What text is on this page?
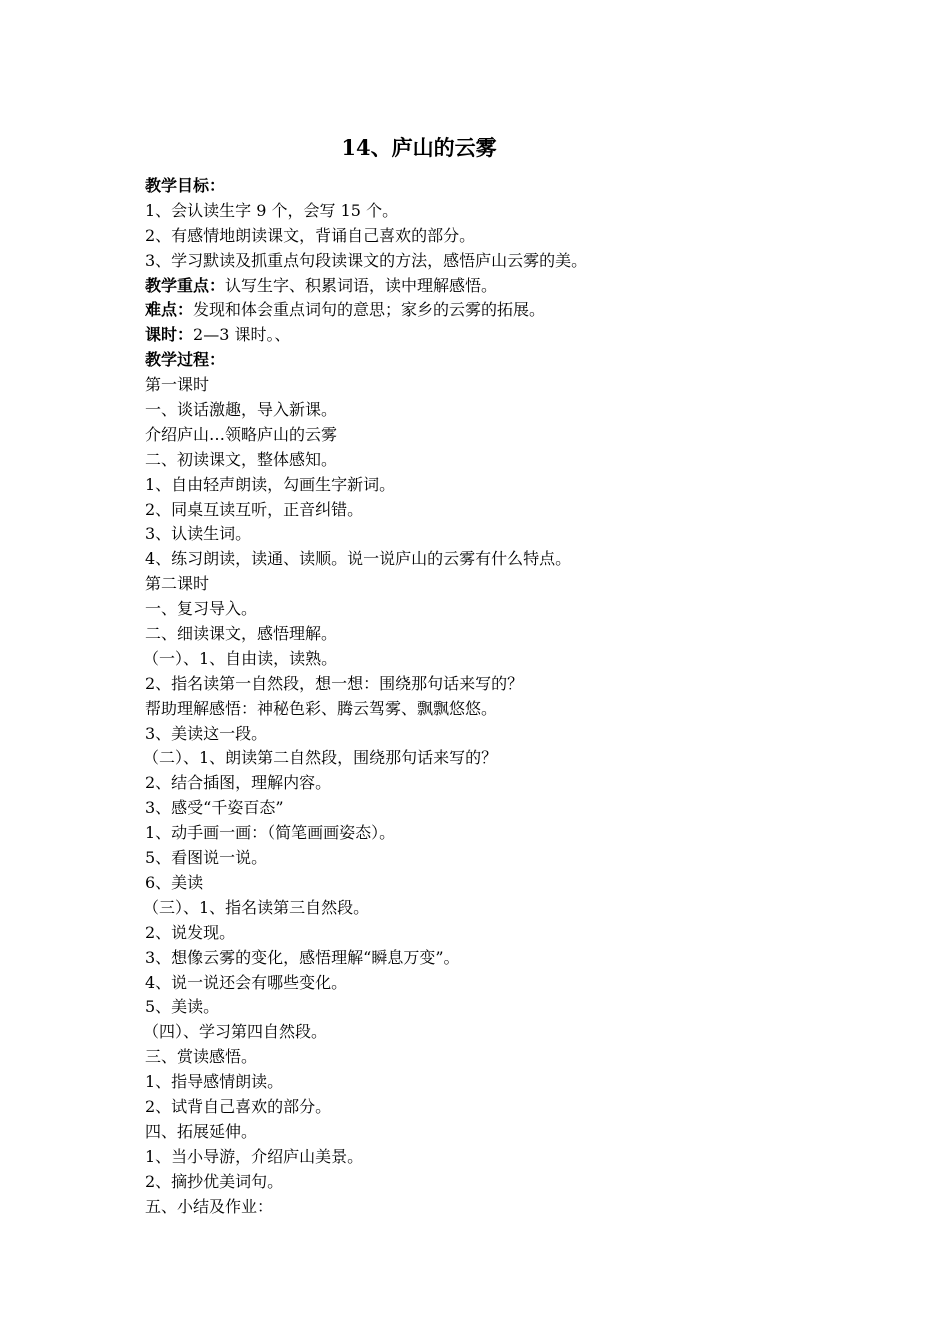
14、庐山的云雾
教学目标：
1、会认读生字 9 个，会写 15 个。
2、有感情地朗读课文，背诵自己喜欢的部分。
3、学习默读及抓重点句段读课文的方法，感悟庐山云雾的美。
教学重点：认写生字、积累词语，读中理解感悟。
难点：发现和体会重点词句的意思；家乡的云雾的拓展。
课时：2—3 课时。、
教学过程：
第一课时
一、谈话激趣，导入新课。
介绍庐山…领略庐山的云雾
二、初读课文，整体感知。
1、自由轻声朗读，勾画生字新词。
2、同桌互读互听，正音纠错。
3、认读生词。
4、练习朗读，读通、读顺。说一说庐山的云雾有什么特点。
第二课时
一、复习导入。
二、细读课文，感悟理解。
（一）、1、自由读，读熟。
2、指名读第一自然段，想一想：围绕那句话来写的？
帮助理解感悟：神秘色彩、腾云驾雾、飘飘悠悠。
3、美读这一段。
（二）、1、朗读第二自然段，围绕那句话来写的？
2、结合插图，理解内容。
3、感受“千姿百态”
1、动手画一画：（简笔画画姿态）。
5、看图说一说。
6、美读
（三）、1、指名读第三自然段。
2、说发现。
3、想像云雾的变化，感悟理解“瞬息万变”。
4、说一说还会有哪些变化。
5、美读。
（四）、学习第四自然段。
三、赏读感悟。
1、指导感情朗读。
2、试背自己喜欢的部分。
四、拓展延伸。
1、当小导游，介绍庐山美景。
2、摘抄优美词句。
五、小结及作业：
